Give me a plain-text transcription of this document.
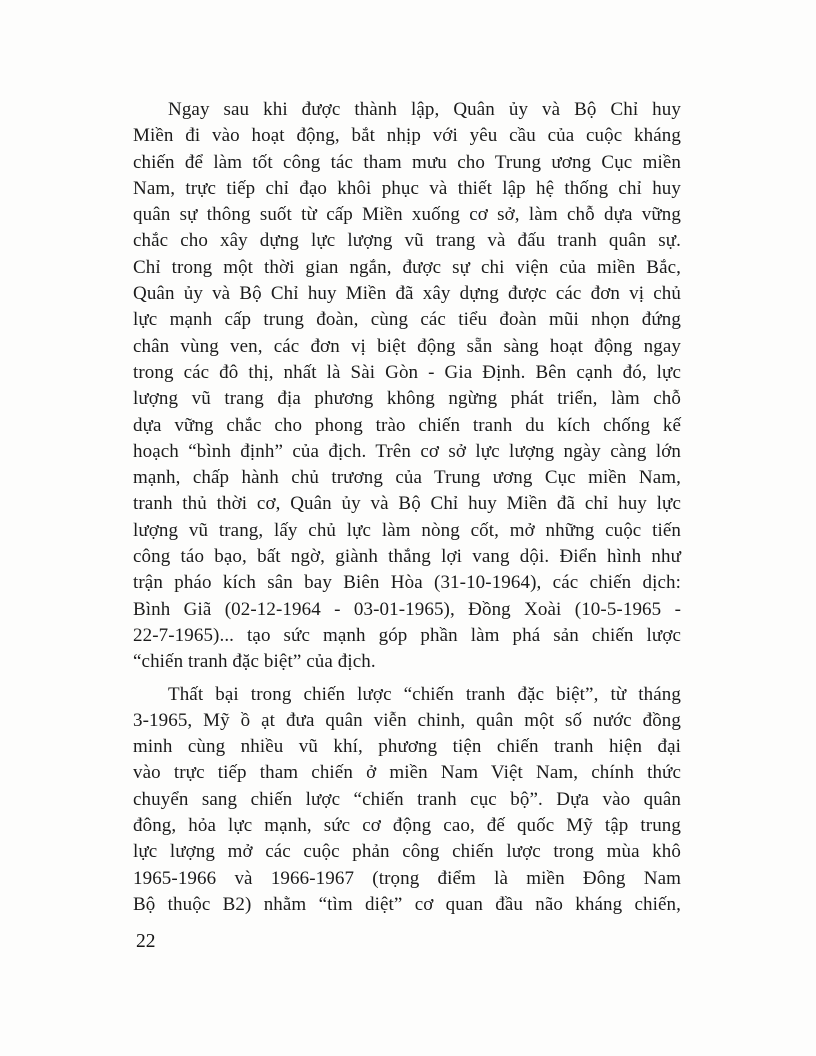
Ngay sau khi được thành lập, Quân ủy và Bộ Chỉ huy
Miền đi vào hoạt động, bắt nhịp với yêu cầu của cuộc kháng
chiến để làm tốt công tác tham mưu cho Trung ương Cục miền
Nam, trực tiếp chỉ đạo khôi phục và thiết lập hệ thống chỉ huy
quân sự thông suốt từ cấp Miền xuống cơ sở, làm chỗ dựa vững
chắc cho xây dựng lực lượng vũ trang và đấu tranh quân sự.
Chỉ trong một thời gian ngắn, được sự chi viện của miền Bắc,
Quân ủy và Bộ Chỉ huy Miền đã xây dựng được các đơn vị chủ
lực mạnh cấp trung đoàn, cùng các tiểu đoàn mũi nhọn đứng
chân vùng ven, các đơn vị biệt động sẵn sàng hoạt động ngay
trong các đô thị, nhất là Sài Gòn - Gia Định. Bên cạnh đó, lực
lượng vũ trang địa phương không ngừng phát triển, làm chỗ
dựa vững chắc cho phong trào chiến tranh du kích chống kế
hoạch “bình định” của địch. Trên cơ sở lực lượng ngày càng lớn
mạnh, chấp hành chủ trương của Trung ương Cục miền Nam,
tranh thủ thời cơ, Quân ủy và Bộ Chỉ huy Miền đã chỉ huy lực
lượng vũ trang, lấy chủ lực làm nòng cốt, mở những cuộc tiến
công táo bạo, bất ngờ, giành thắng lợi vang dội. Điển hình như
trận pháo kích sân bay Biên Hòa (31-10-1964), các chiến dịch:
Bình Giã (02-12-1964 - 03-01-1965), Đồng Xoài (10-5-1965 -
22-7-1965)... tạo sức mạnh góp phần làm phá sản chiến lược
“chiến tranh đặc biệt” của địch.
Thất bại trong chiến lược “chiến tranh đặc biệt”, từ tháng
3-1965, Mỹ ồ ạt đưa quân viễn chinh, quân một số nước đồng
minh cùng nhiều vũ khí, phương tiện chiến tranh hiện đại
vào trực tiếp tham chiến ở miền Nam Việt Nam, chính thức
chuyển sang chiến lược “chiến tranh cục bộ”. Dựa vào quân
đông, hỏa lực mạnh, sức cơ động cao, đế quốc Mỹ tập trung
lực lượng mở các cuộc phản công chiến lược trong mùa khô
1965-1966 và 1966-1967 (trọng điểm là miền Đông Nam
Bộ thuộc B2) nhằm “tìm diệt” cơ quan đầu não kháng chiến,
22
